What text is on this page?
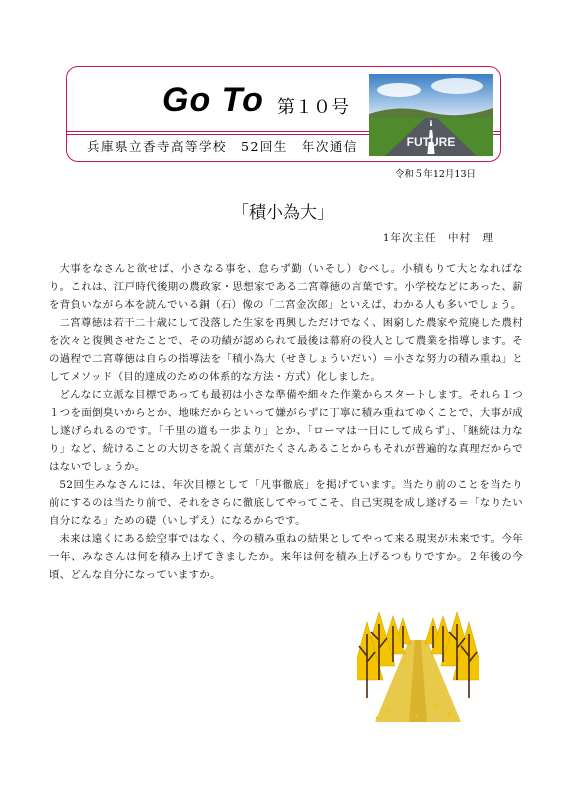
Go To 第１０号
兵庫県立香寺高等学校　52回生　年次通信	FUTURE
令和５年12月13日
「積小為大」
1年次主任　中村　理

大事をなさんと欲せば、小さなる事を、怠らず勤（いそし）むべし。小積もりて大となればなり。これは、江戸時代後期の農政家・思想家である二宮尊徳の言葉です。小学校などにあった、薪を背負いながら本を読んでいる銅（石）像の「二宮金次郎」といえば、わかる人も多いでしょう。

二宮尊徳は若干二十歳にして没落した生家を再興しただけでなく、困窮した農家や荒廃した農村を次々と復興させたことで、その功績が認められて最後は幕府の役人として農業を指導します。その過程で二宮尊徳は自らの指導法を「積小為大（せきしょういだい）＝小さな努力の積み重ね」としてメソッド（目的達成のための体系的な方法・方式）化しました。

どんなに立派な目標であっても最初は小さな準備や細々た作業からスタートします。それら１つ１つを面倒臭いからとか、地味だからといって嫌がらずに丁寧に積み重ねてゆくことで、大事が成し遂げられるのです。「千里の道も一歩より」とか、「ローマは一日にして成らず」、「継続は力なり」など、続けることの大切さを説く言葉がたくさんあることからもそれが普遍的な真理だからではないでしょうか。

52回生みなさんには、年次目標として「凡事徹底」を掲げています。当たり前のことを当たり前にするのは当たり前で、それをさらに徹底してやってこそ、自己実現を成し遂げる＝「なりたい自分になる」ための礎（いしずえ）になるからです。

未来は遠くにある絵空事ではなく、今の積み重ねの結果としてやって来る現実が未来です。今年一年、みなさんは何を積み上げてきましたか。来年は何を積み上げるつもりですか。２年後の今頃、どんな自分になっていますか。
